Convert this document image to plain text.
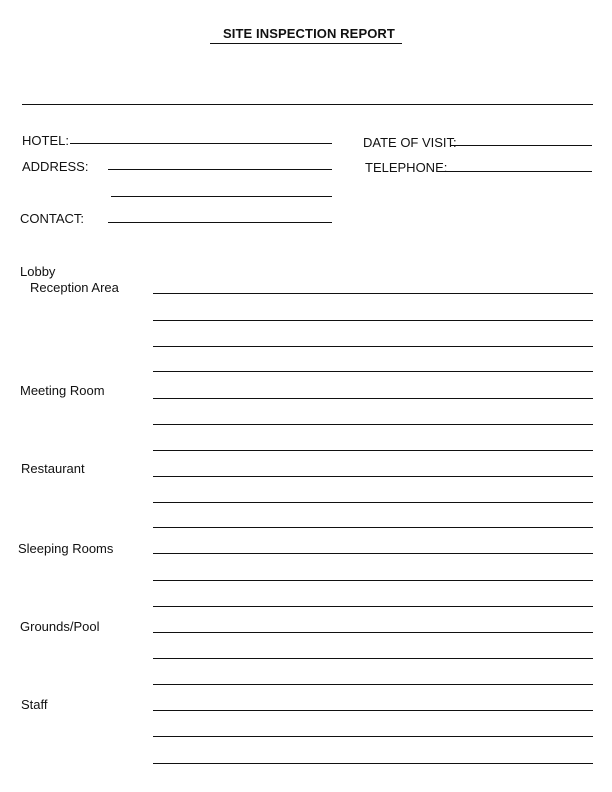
SITE INSPECTION REPORT
HOTEL:
ADDRESS:
CONTACT:
DATE OF VISIT:
TELEPHONE:
Lobby
Reception Area
Meeting Room
Restaurant
Sleeping Rooms
Grounds/Pool
Staff
